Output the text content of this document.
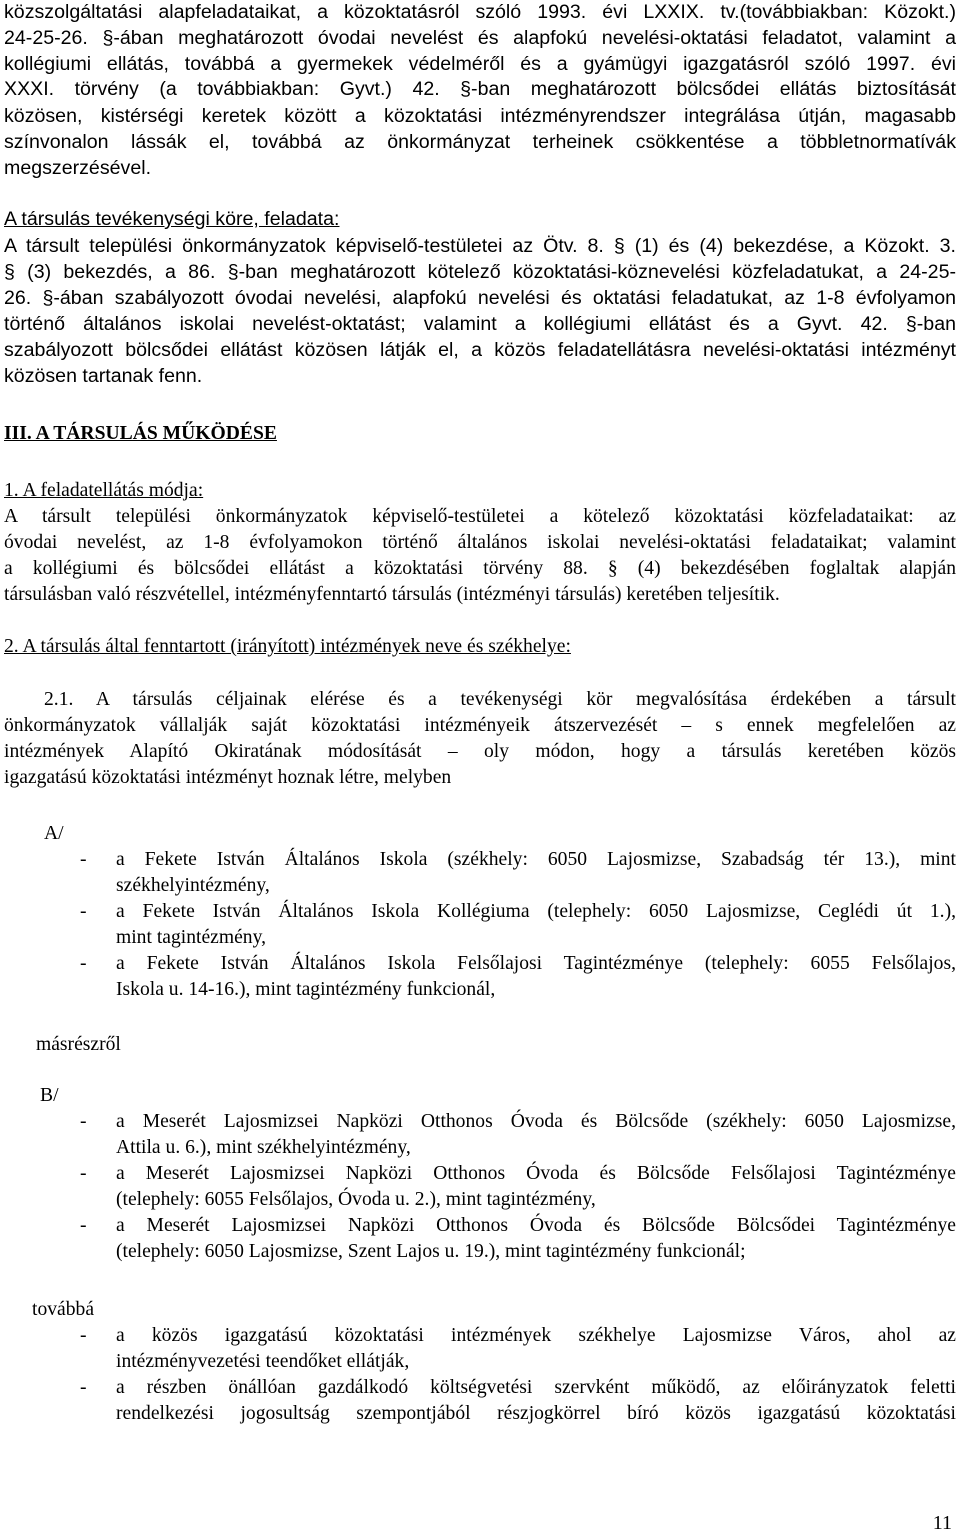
közszolgáltatási alapfeladataikat, a közoktatásról szóló 1993. évi LXXIX. tv.(továbbiakban: Közokt.)
24-25-26. §-ában meghatározott óvodai nevelést és alapfokú nevelési-oktatási feladatot, valamint a
kollégiumi ellátás, továbbá a gyermekek védelméről és a gyámügyi igazgatásról szóló 1997. évi
XXXI. törvény (a továbbiakban: Gyvt.) 42. §-ban meghatározott bölcsődei ellátás biztosítását
közösen, kistérségi keretek között a közoktatási intézményrendszer integrálása útján, magasabb
színvonalon lássák el, továbbá az önkormányzat terheinek csökkentése a többletnormatívák
megszerzésével.
A társulás tevékenységi köre, feladata:
A társult települési önkormányzatok képviselő-testületei az Ötv. 8. § (1) és (4) bekezdése, a Közokt. 3.
§ (3) bekezdés, a 86. §-ban meghatározott kötelező közoktatási-köznevelési közfeladatukat, a 24-25-
26. §-ában szabályozott óvodai nevelési, alapfokú nevelési és oktatási feladatukat, az 1-8 évfolyamon
történő általános iskolai nevelést-oktatást; valamint a kollégiumi ellátást és a Gyvt. 42. §-ban
szabályozott bölcsődei ellátást közösen látják el, a közös feladatellátásra nevelési-oktatási intézményt
közösen tartanak fenn.
III. A TÁRSULÁS MŰKÖDÉSE
1. A feladatellátás módja:
A társult települési önkormányzatok képviselő-testületei a kötelező közoktatási közfeladataikat: az
óvodai nevelést, az 1-8 évfolyamokon történő általános iskolai nevelési-oktatási feladataikat; valamint
a kollégiumi és bölcsődei ellátást a közoktatási törvény 88. § (4) bekezdésében foglaltak alapján
társulásban való részvétellel, intézményfenntartó társulás (intézményi társulás) keretében teljesítik.
2. A társulás által fenntartott (irányított) intézmények neve és székhelye:
2.1. A társulás céljainak elérése és a tevékenységi kör megvalósítása érdekében a társult
önkormányzatok vállalják saját közoktatási intézményeik átszervezését – s ennek megfelelően az
intézmények Alapító Okiratának módosítását – oly módon, hogy a társulás keretében közös
igazgatású közoktatási intézményt hoznak létre, melyben
A/
-	a Fekete István Általános Iskola (székhely: 6050 Lajosmizse, Szabadság tér 13.), mint
székhelyintézmény,
-	a Fekete István Általános Iskola Kollégiuma (telephely: 6050 Lajosmizse, Ceglédi út 1.),
mint tagintézmény,
-	a Fekete István Általános Iskola Felsőlajosi Tagintézménye (telephely: 6055 Felsőlajos,
Iskola u. 14-16.), mint tagintézmény funkcionál,
másrészről
B/
-	a Meserét Lajosmizsei Napközi Otthonos Óvoda és Bölcsőde (székhely: 6050 Lajosmizse,
Attila u. 6.), mint székhelyintézmény,
-	a Meserét Lajosmizsei Napközi Otthonos Óvoda és Bölcsőde Felsőlajosi Tagintézménye
(telephely: 6055 Felsőlajos, Óvoda u. 2.), mint tagintézmény,
-	a Meserét Lajosmizsei Napközi Otthonos Óvoda és Bölcsőde Bölcsődei Tagintézménye
(telephely: 6050 Lajosmizse, Szent Lajos u. 19.), mint tagintézmény funkcionál;
továbbá
-	a közös igazgatású közoktatási intézmények székhelye Lajosmizse Város, ahol az
intézményvezetési teendőket ellátják,
-	a részben önállóan gazdálkodó költségvetési szervként működő, az előirányzatok feletti
rendelkezési jogosultság szempontjából részjogkörrel bíró közös igazgatású közoktatási
11
